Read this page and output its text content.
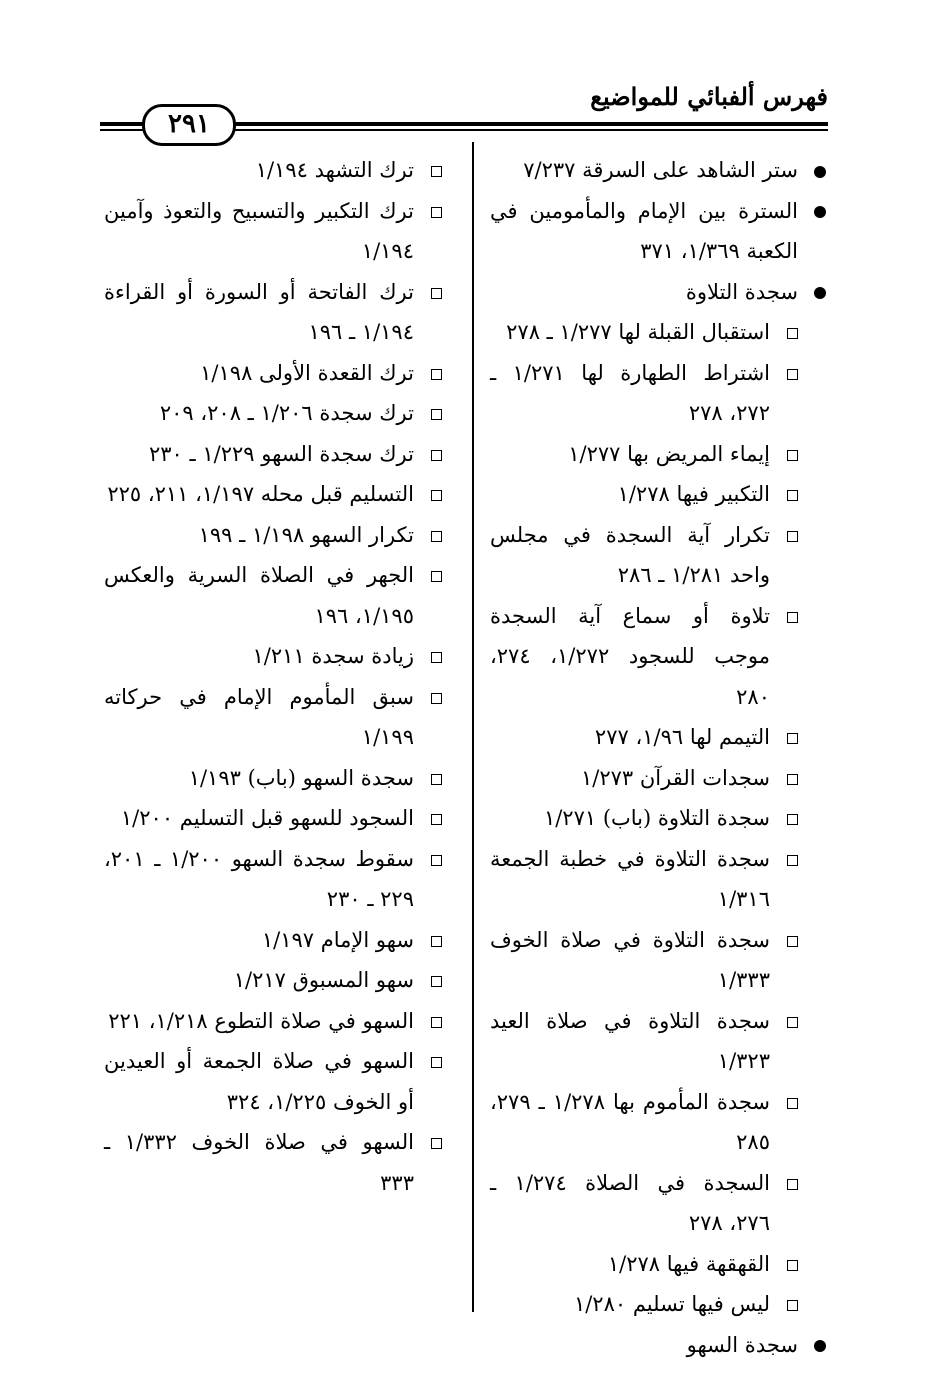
فهرس ألفبائي للمواضيع
٢٩١
ستر الشاهد على السرقة ٧/٢٣٧
السترة بين الإمام والمأمومين في الكعبة ١/٣٦٩، ٣٧١
سجدة التلاوة
استقبال القبلة لها ١/٢٧٧ ـ ٢٧٨
اشتراط الطهارة لها ١/٢٧١ ـ ٢٧٢، ٢٧٨
إيماء المريض بها ١/٢٧٧
التكبير فيها ١/٢٧٨
تكرار آية السجدة في مجلس واحد ١/٢٨١ ـ ٢٨٦
تلاوة أو سماع آية السجدة موجب للسجود ١/٢٧٢، ٢٧٤، ٢٨٠
التيمم لها ١/٩٦، ٢٧٧
سجدات القرآن ١/٢٧٣
سجدة التلاوة (باب) ١/٢٧١
سجدة التلاوة في خطبة الجمعة ١/٣١٦
سجدة التلاوة في صلاة الخوف ١/٣٣٣
سجدة التلاوة في صلاة العيد ١/٣٢٣
سجدة المأموم بها ١/٢٧٨ ـ ٢٧٩، ٢٨٥
السجدة في الصلاة ١/٢٧٤ ـ ٢٧٦، ٢٧٨
القهقهة فيها ١/٢٧٨
ليس فيها تسليم ١/٢٨٠
سجدة السهو
ترك التشهد ١/١٩٤
ترك التكبير والتسبيح والتعوذ وآمين ١/١٩٤
ترك الفاتحة أو السورة أو القراءة ١/١٩٤ ـ ١٩٦
ترك القعدة الأولى ١/١٩٨
ترك سجدة ١/٢٠٦ ـ ٢٠٨، ٢٠٩
ترك سجدة السهو ١/٢٢٩ ـ ٢٣٠
التسليم قبل محله ١/١٩٧، ٢١١، ٢٢٥
تكرار السهو ١/١٩٨ ـ ١٩٩
الجهر في الصلاة السرية والعكس ١/١٩٥، ١٩٦
زيادة سجدة ١/٢١١
سبق المأموم الإمام في حركاته ١/١٩٩
سجدة السهو (باب) ١/١٩٣
السجود للسهو قبل التسليم ١/٢٠٠
سقوط سجدة السهو ١/٢٠٠ ـ ٢٠١، ٢٢٩ ـ ٢٣٠
سهو الإمام ١/١٩٧
سهو المسبوق ١/٢١٧
السهو في صلاة التطوع ١/٢١٨، ٢٢١
السهو في صلاة الجمعة أو العيدين أو الخوف ١/٢٢٥، ٣٢٤
السهو في صلاة الخوف ١/٣٣٢ ـ ٣٣٣
